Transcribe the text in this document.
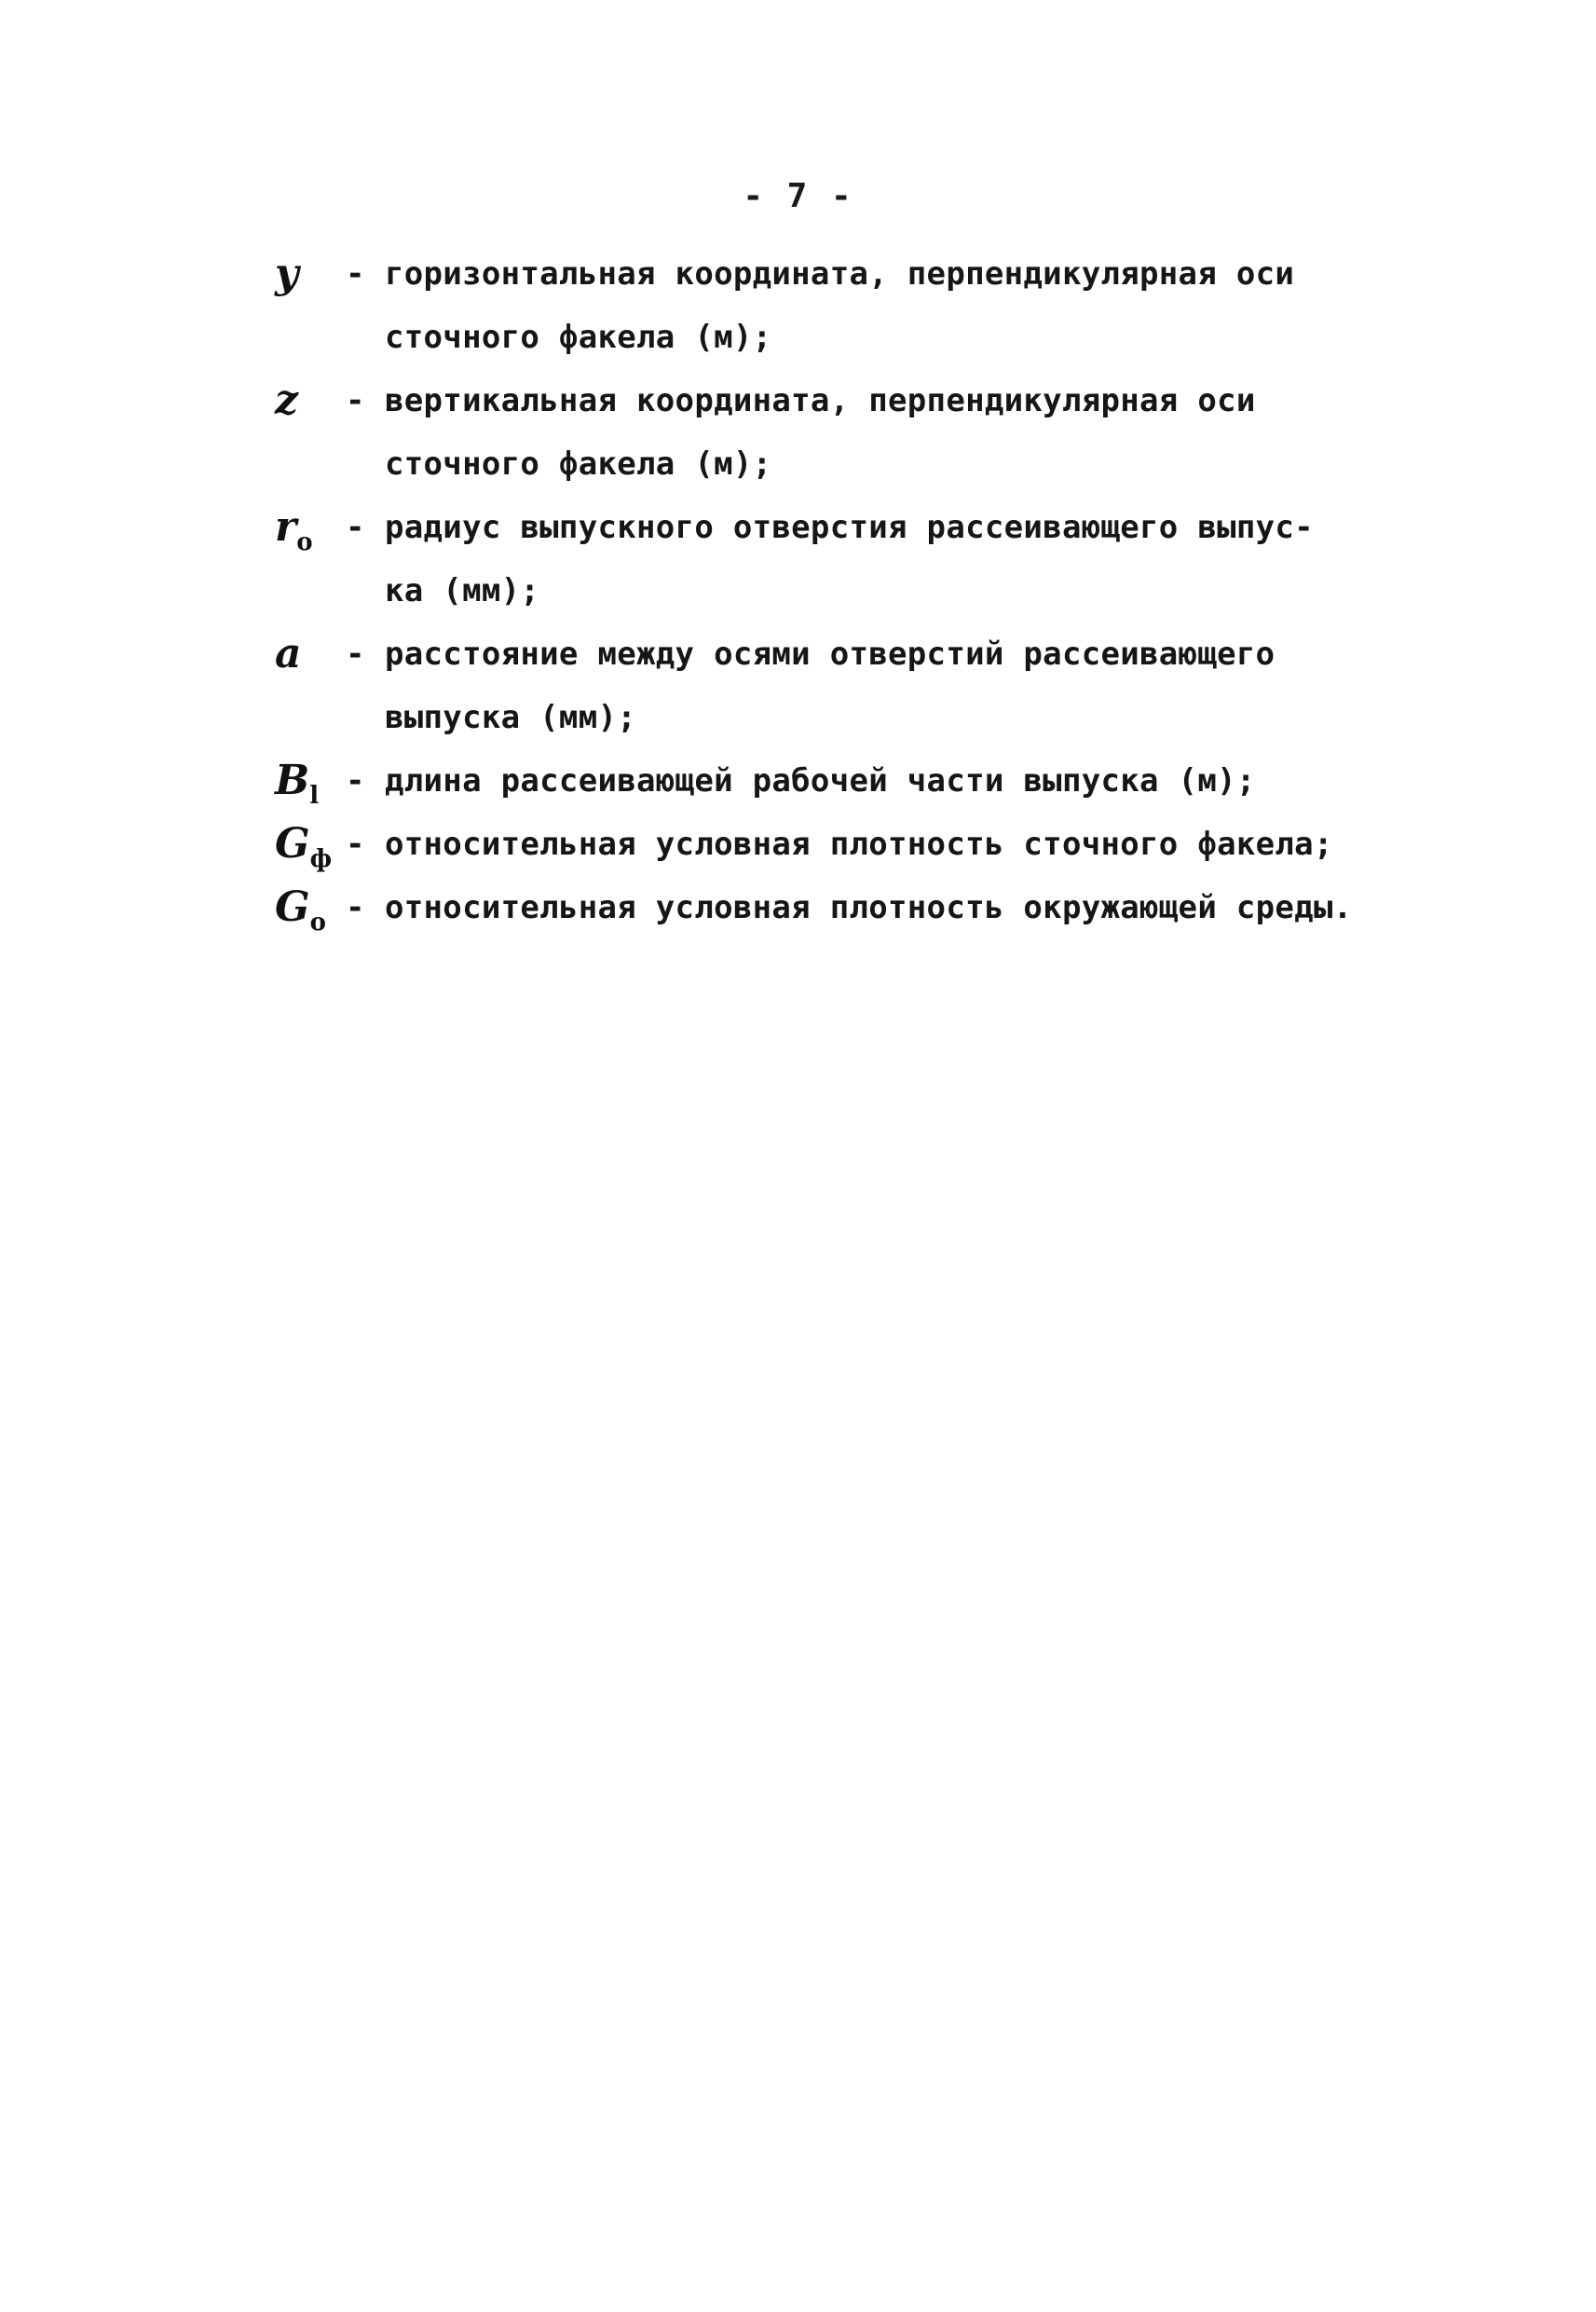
- 7 -
y	- горизонтальная координата, перпендикулярная оси
сточного факела (м);
z	- вертикальная координата, перпендикулярная оси
сточного факела (м);
$r_o$	- радиус выпускного отверстия рассеивающего выпус-
ка (мм);
a	- расстояние между осями отверстий рассеивающего
выпуска (мм);
$B_l$ - длина рассеивающей рабочей части выпуска (м);
$G_ф$ - относительная условная плотность сточного факела;
$G_o$ - относительная условная плотность окружающей среды.
